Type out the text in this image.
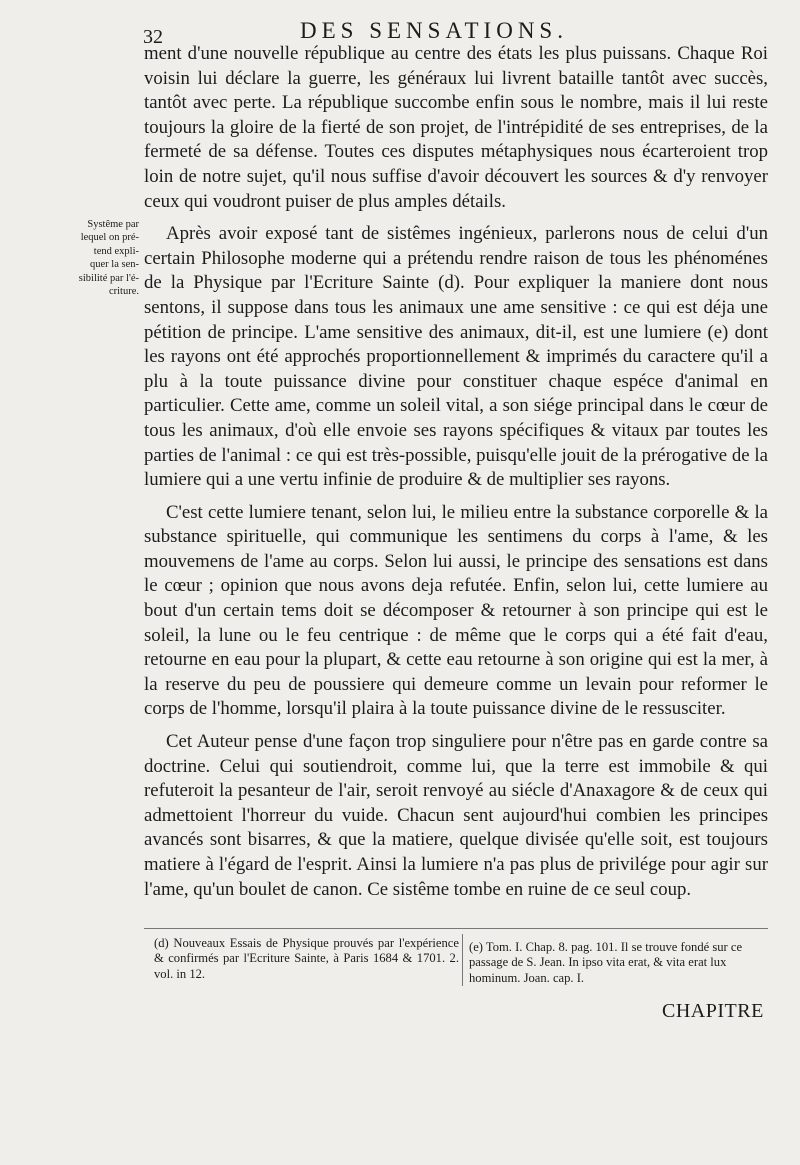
32	DES SENSATIONS.
Systême par
lequel on pré-
tend expli-
quer la sen-
sibilité par l'é-
criture.

ment d'une nouvelle république au centre des états les plus puissans. Chaque Roi voisin lui déclare la guerre, les généraux lui livrent bataille tantôt avec succès, tantôt avec perte. La république succombe enfin sous le nombre, mais il lui reste toujours la gloire de la fierté de son projet, de l'intrépidité de ses entreprises, de la fermeté de sa défense. Toutes ces disputes métaphysiques nous écarteroient trop loin de notre sujet, qu'il nous suffise d'avoir découvert les sources & d'y renvoyer ceux qui voudront puiser de plus amples détails.

Après avoir exposé tant de sistêmes ingénieux, parlerons nous de celui d'un certain Philosophe moderne qui a prétendu rendre raison de tous les phénoménes de la Physique par l'Ecriture Sainte (d). Pour expliquer la maniere dont nous sentons, il suppose dans tous les animaux une ame sensitive : ce qui est déja une pétition de principe. L'ame sensitive des animaux, dit-il, est une lumiere (e) dont les rayons ont été approchés proportionnellement & imprimés du caractere qu'il a plu à la toute puissance divine pour constituer chaque espéce d'animal en particulier. Cette ame, comme un soleil vital, a son siége principal dans le cœur de tous les animaux, d'où elle envoie ses rayons spécifiques & vitaux par toutes les parties de l'animal : ce qui est très-possible, puisqu'elle jouit de la prérogative de la lumiere qui a une vertu infinie de produire & de multiplier ses rayons.

C'est cette lumiere tenant, selon lui, le milieu entre la substance corporelle & la substance spirituelle, qui communique les sentimens du corps à l'ame, & les mouvemens de l'ame au corps. Selon lui aussi, le principe des sensations est dans le cœur ; opinion que nous avons deja refutée. Enfin, selon lui, cette lumiere au bout d'un certain tems doit se décomposer & retourner à son principe qui est le soleil, la lune ou le feu centrique : de même que le corps qui a été fait d'eau, retourne en eau pour la plupart, & cette eau retourne à son origine qui est la mer, à la reserve du peu de poussiere qui demeure comme un levain pour reformer le corps de l'homme, lorsqu'il plaira à la toute puissance divine de le ressusciter.

Cet Auteur pense d'une façon trop singuliere pour n'être pas en garde contre sa doctrine. Celui qui soutiendroit, comme lui, que la terre est immobile & qui refuteroit la pesanteur de l'air, seroit renvoyé au siécle d'Anaxagore & de ceux qui admettoient l'horreur du vuide. Chacun sent aujourd'hui combien les principes avancés sont bisarres, & que la matiere, quelque divisée qu'elle soit, est toujours matiere à l'égard de l'esprit. Ainsi la lumiere n'a pas plus de privilége pour agir sur l'ame, qu'un boulet de canon. Ce sistême tombe en ruine de ce seul coup.

(d) Nouveaux Essais de Physique prouvés par l'expérience & confirmés par l'Ecriture Sainte, à Paris 1684 & 1701. 2. vol. in 12.
(e) Tom. I. Chap. 8. pag. 101. Il se trouve fondé sur ce passage de S. Jean. In ipso vita erat, & vita erat lux hominum. Joan. cap. I.
CHAPITRE
